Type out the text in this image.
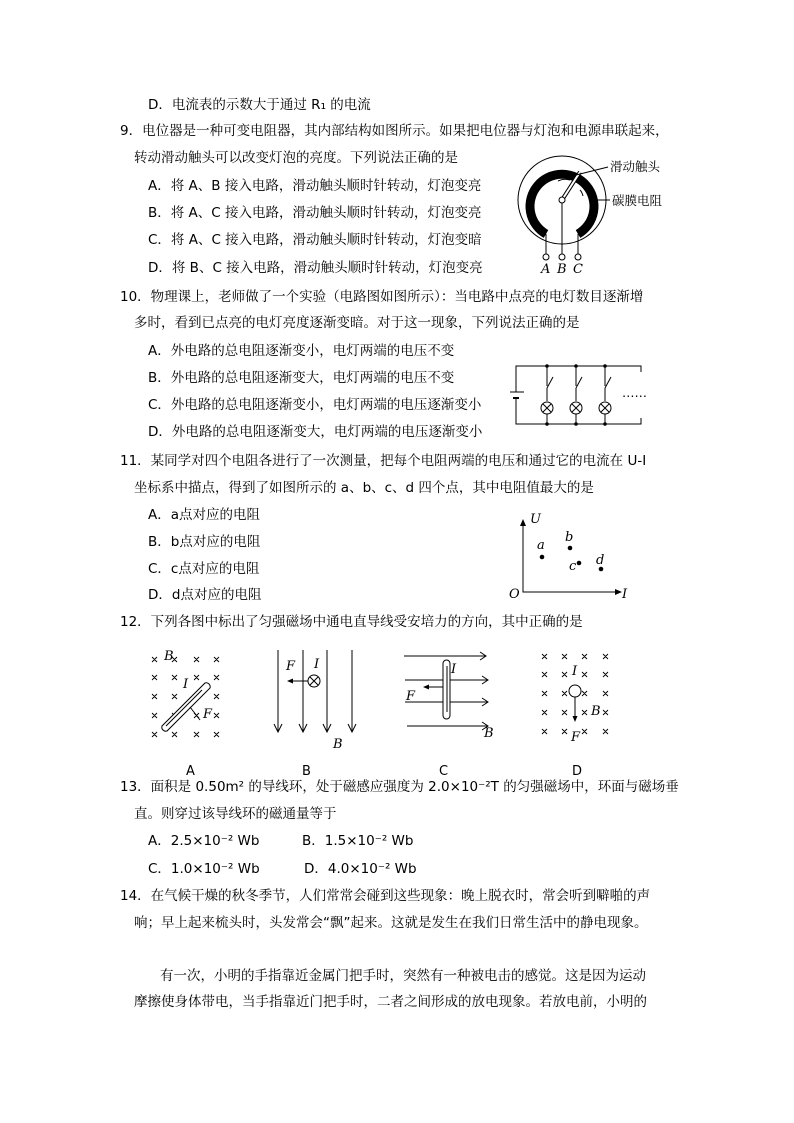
D．电流表的示数大于通过 R₁ 的电流
9．电位器是一种可变电阻器，其内部结构如图所示。如果把电位器与灯泡和电源串联起来，
转动滑动触头可以改变灯泡的亮度。下列说法正确的是
A．将 A、B 接入电路，滑动触头顺时针转动，灯泡变亮
B．将 A、C 接入电路，滑动触头顺时针转动，灯泡变亮
C．将 A、C 接入电路，滑动触头顺时针转动，灯泡变暗
D．将 B、C 接入电路，滑动触头顺时针转动，灯泡变亮
滑动触头
碳膜电阻
A B C
10．物理课上，老师做了一个实验（电路图如图所示）：当电路中点亮的电灯数目逐渐增
多时，看到已点亮的电灯亮度逐渐变暗。对于这一现象，下列说法正确的是
A．外电路的总电阻逐渐变小，电灯两端的电压不变
B．外电路的总电阻逐渐变大，电灯两端的电压不变
C．外电路的总电阻逐渐变小，电灯两端的电压逐渐变小
D．外电路的总电阻逐渐变大，电灯两端的电压逐渐变小
……
11．某同学对四个电阻各进行了一次测量，把每个电阻两端的电压和通过它的电流在 U-I
坐标系中描点，得到了如图所示的 a、b、c、d 四个点，其中电阻值最大的是
A．a点对应的电阻
B．b点对应的电阻
C．c点对应的电阻
D．d点对应的电阻
U
I
O
a
b
c d
12．下列各图中标出了匀强磁场中通电直导线受安培力的方向，其中正确的是
B
I
F
F I
B
I
F
B
I
B
F
A	B	C	D
13．面积是 0.50m² 的导线环，处于磁感应强度为 2.0×10⁻²T 的匀强磁场中，环面与磁场垂
直。则穿过该导线环的磁通量等于
A．2.5×10⁻² Wb	B．1.5×10⁻² Wb
C．1.0×10⁻² Wb	D．4.0×10⁻² Wb
14．在气候干燥的秋冬季节，人们常常会碰到这些现象：晚上脱衣时，常会听到噼啪的声
响；早上起来梳头时，头发常会“飘”起来。这就是发生在我们日常生活中的静电现象。
有一次，小明的手指靠近金属门把手时，突然有一种被电击的感觉。这是因为运动
摩擦使身体带电，当手指靠近门把手时，二者之间形成的放电现象。若放电前，小明的
